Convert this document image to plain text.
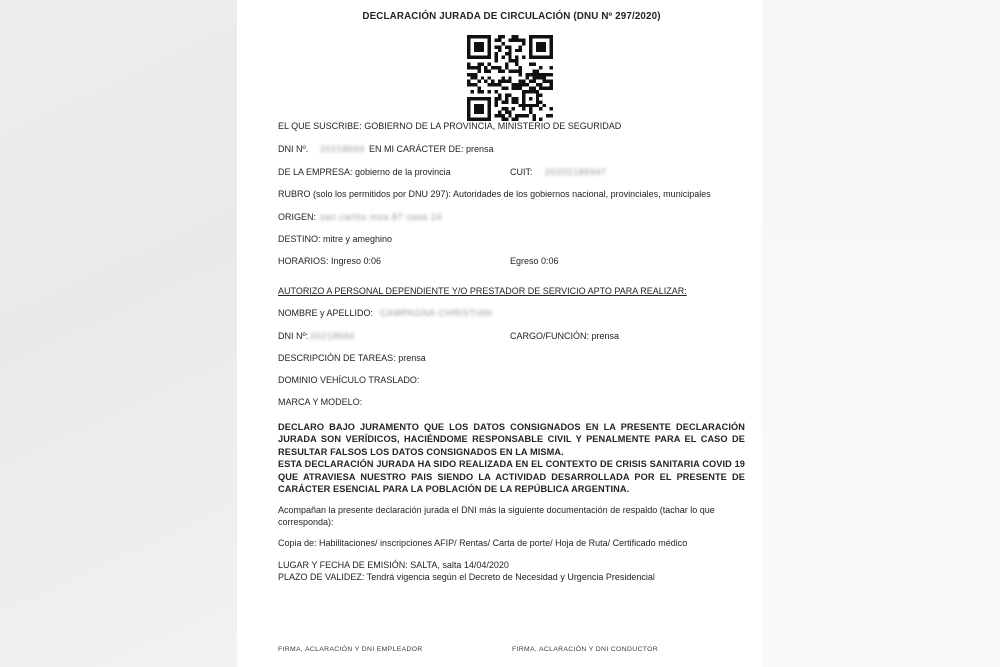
DECLARACIÓN JURADA DE CIRCULACIÓN (DNU Nº 297/2020)
EL QUE SUSCRIBE: GOBIERNO DE LA PROVINCIA, MINISTERIO DE SEGURIDAD
DNI Nº. 20218694 EN MI CARÁCTER DE: prensa
DE LA EMPRESA: gobierno de la provincia	CUIT: 20202186947
RUBRO (solo los permitidos por DNU 297): Autoridades de los gobiernos nacional, provinciales, municipales
ORIGEN: san carlos mza 87 casa 24
DESTINO: mitre y ameghino
HORARIOS: Ingreso 0:06	Egreso 0:06
AUTORIZO A PERSONAL DEPENDIENTE Y/O PRESTADOR DE SERVICIO APTO PARA REALIZAR:
NOMBRE y APELLIDO: CAMPAGNA CHRISTIAN
DNI Nº: 20218694	CARGO/FUNCIÓN: prensa
DESCRIPCIÓN DE TAREAS: prensa
DOMINIO VEHÍCULO TRASLADO:
MARCA Y MODELO:
DECLARO BAJO JURAMENTO QUE LOS DATOS CONSIGNADOS EN LA PRESENTE DECLARACIÓN JURADA SON VERÍDICOS, HACIÉNDOME RESPONSABLE CIVIL Y PENALMENTE PARA EL CASO DE RESULTAR FALSOS LOS DATOS CONSIGNADOS EN LA MISMA.
ESTA DECLARACIÓN JURADA HA SIDO REALIZADA EN EL CONTEXTO DE CRISIS SANITARIA COVID 19 QUE ATRAVIESA NUESTRO PAIS SIENDO LA ACTIVIDAD DESARROLLADA POR EL PRESENTE DE CARÁCTER ESENCIAL PARA LA POBLACIÓN DE LA REPÚBLICA ARGENTINA.
Acompañan la presente declaración jurada el DNI más la siguiente documentación de respaldo (tachar lo que corresponda):
Copia de: Habilitaciones/ inscripciones AFIP/ Rentas/ Carta de porte/ Hoja de Ruta/ Certificado médico
LUGAR Y FECHA DE EMISIÓN: SALTA, salta 14/04/2020
PLAZO DE VALIDEZ: Tendrá vigencia según el Decreto de Necesidad y Urgencia Presidencial
FIRMA, ACLARACIÓN Y DNI EMPLEADOR	FIRMA, ACLARACIÓN Y DNI CONDUCTOR
